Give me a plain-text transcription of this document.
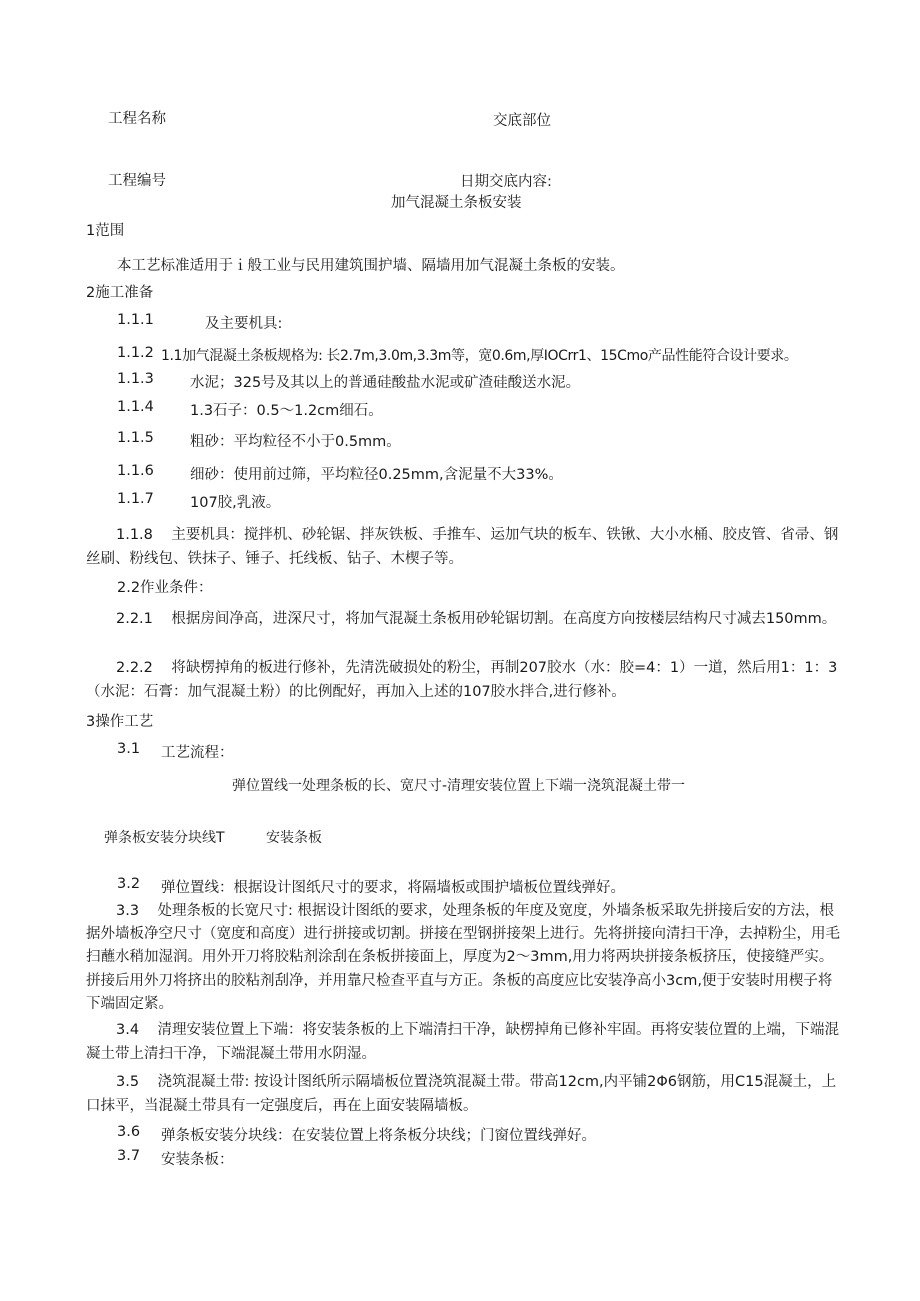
工程名称	交底部位
工程编号	日期交底内容:
加气混凝土条板安装
1范围
本工艺标准适用于ｉ般工业与民用建筑围护墙、隔墙用加气混凝土条板的安装。
2施工准备
1.1.1	及主要机具:
1.1.2 1.1加气混凝土条板规格为: 长2.7m,3.0m,3.3m等，宽0.6m,厚IOCrr1、15Cmo产品性能符合设计要求。
1.1.3 水泥；325号及其以上的普通硅酸盐水泥或矿渣硅酸送水泥。
1.1.4 1.3石子：0.5～1.2cm细石。
1.1.5 粗砂：平均粒径不小于0.5mm。
1.1.6 细砂：使用前过筛，平均粒径0.25mm,含泥量不大33%。
1.1.7 107胶,乳液。
1.1.8 主要机具：搅拌机、砂轮锯、拌灰铁板、手推车、运加气块的板车、铁锹、大小水桶、胶皮管、省帚、钢丝刷、粉线包、铁抹子、锤子、托线板、钻子、木楔子等。
2.2作业条件：
2.2.1 根据房间净高，进深尺寸，将加气混凝土条板用砂轮锯切割。在高度方向按楼层结构尺寸减去150mm。
2.2.2 将缺楞掉角的板进行修补，先清洗破损处的粉尘，再制207胶水（水：胶=4：1）一道，然后用1：1：3（水泥：石膏：加气混凝土粉）的比例配好，再加入上述的107胶水拌合,进行修补。
3操作工艺
3.1 工艺流程：
弹位置线一处理条板的长、宽尺寸-清理安装位置上下端一浇筑混凝土带一
弹条板安装分块线T	安装条板
3.2 弹位置线：根据设计图纸尺寸的要求，将隔墙板或围护墙板位置线弹好。
3.3 处理条板的长宽尺寸: 根据设计图纸的要求，处理条板的年度及宽度，外墙条板采取先拼接后安的方法，根据外墙板净空尺寸（宽度和高度）进行拼接或切割。拼接在型钢拼接架上进行。先将拼接向清扫干净，去掉粉尘，用毛扫蘸水稍加湿润。用外开刀将胶粘剂涂刮在条板拼接面上，厚度为2～3mm,用力将两块拼接条板挤压，使接缝严实。拼接后用外刀将挤出的胶粘剂刮净，并用靠尺检查平直与方正。条板的高度应比安装净高小3cm,便于安装时用楔子将下端固定紧。
3.4 清理安装位置上下端：将安装条板的上下端清扫干净，缺楞掉角已修补牢固。再将安装位置的上端，下端混凝土带上清扫干净，下端混凝土带用水阴湿。
3.5 浇筑混凝土带: 按设计图纸所示隔墙板位置浇筑混凝土带。带高12cm,内平铺2Φ6钢筋，用C15混凝土，上口抹平，当混凝土带具有一定强度后，再在上面安装隔墙板。
3.6 弹条板安装分块线：在安装位置上将条板分块线；门窗位置线弹好。
3.7 安装条板：
